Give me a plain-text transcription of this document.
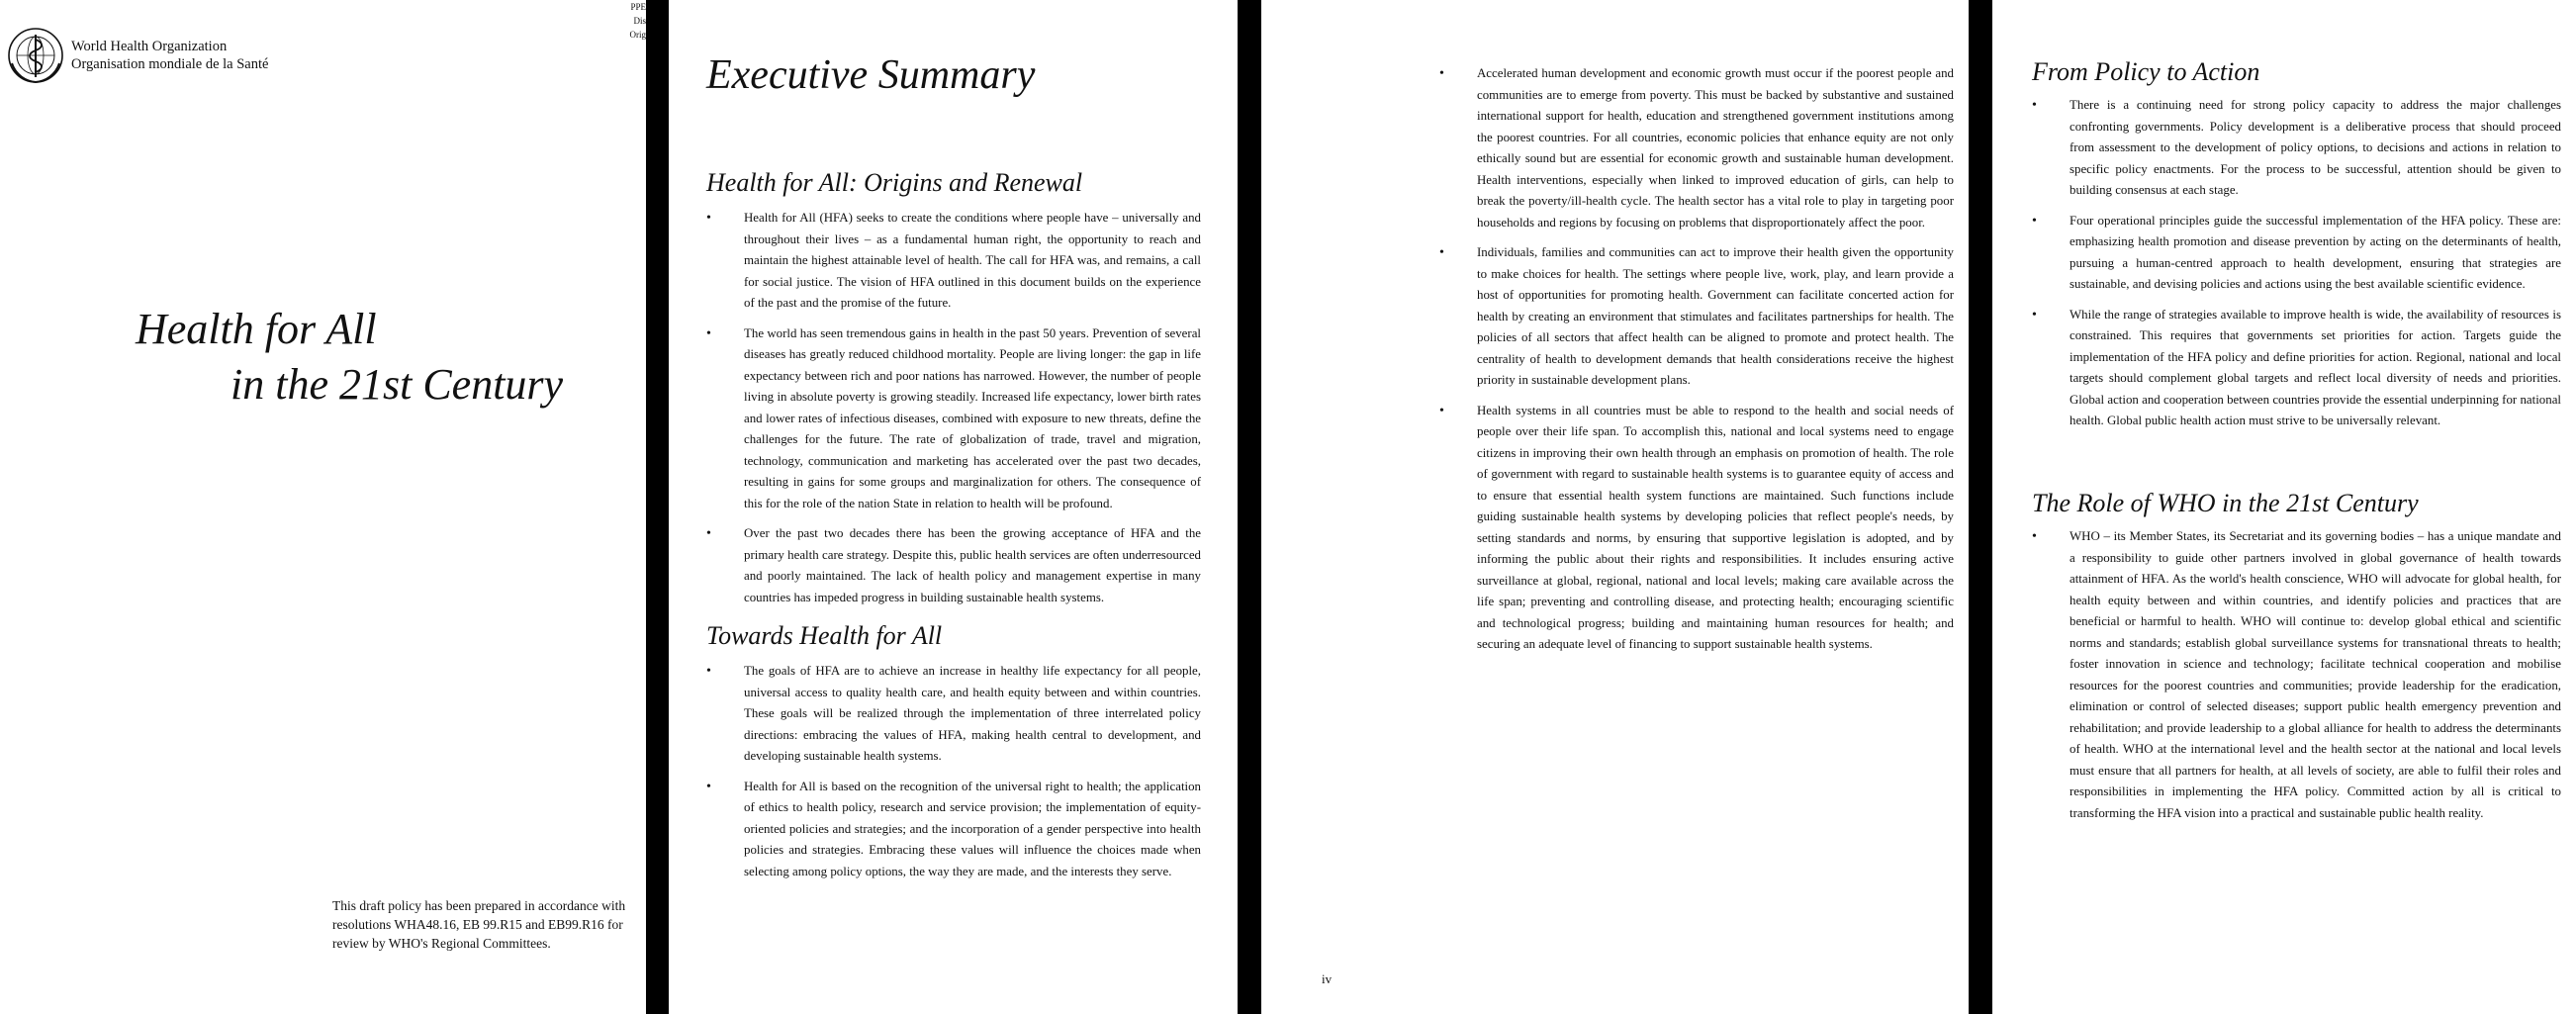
World Health Organization
Organisation mondiale de la Santé
PPE
Dis
Orig
Health for All
in the 21st Century
This draft policy has been prepared in accordance with resolutions WHA48.16, EB 99.R15 and EB99.R16 for review by WHO's Regional Committees.
Executive Summary
Health for All: Origins and Renewal
• Health for All (HFA) seeks to create the conditions where people have – universally and throughout their lives – as a fundamental human right, the opportunity to reach and maintain the highest attainable level of health. The call for HFA was, and remains, a call for social justice. The vision of HFA outlined in this document builds on the experience of the past and the promise of the future.
• The world has seen tremendous gains in health in the past 50 years. Prevention of several diseases has greatly reduced childhood mortality. People are living longer: the gap in life expectancy between rich and poor nations has narrowed. However, the number of people living in absolute poverty is growing steadily. Increased life expectancy, lower birth rates and lower rates of infectious diseases, combined with exposure to new threats, define the challenges for the future. The rate of globalization of trade, travel and migration, technology, communication and marketing has accelerated over the past two decades, resulting in gains for some groups and marginalization for others. The consequence of this for the role of the nation State in relation to health will be profound.
• Over the past two decades there has been the growing acceptance of HFA and the primary health care strategy. Despite this, public health services are often underresourced and poorly maintained. The lack of health policy and management expertise in many countries has impeded progress in building sustainable health systems.
Towards Health for All
• The goals of HFA are to achieve an increase in healthy life expectancy for all people, universal access to quality health care, and health equity between and within countries. These goals will be realized through the implementation of three interrelated policy directions: embracing the values of HFA, making health central to development, and developing sustainable health systems.
• Health for All is based on the recognition of the universal right to health; the application of ethics to health policy, research and service provision; the implementation of equity-oriented policies and strategies; and the incorporation of a gender perspective into health policies and strategies. Embracing these values will influence the choices made when selecting among policy options, the way they are made, and the interests they serve.
• Accelerated human development and economic growth must occur if the poorest people and communities are to emerge from poverty. This must be backed by substantive and sustained international support for health, education and strengthened government institutions among the poorest countries. For all countries, economic policies that enhance equity are not only ethically sound but are essential for economic growth and sustainable human development. Health interventions, especially when linked to improved education of girls, can help to break the poverty/ill-health cycle. The health sector has a vital role to play in targeting poor households and regions by focusing on problems that disproportionately affect the poor.
• Individuals, families and communities can act to improve their health given the opportunity to make choices for health. The settings where people live, work, play, and learn provide a host of opportunities for promoting health. Government can facilitate concerted action for health by creating an environment that stimulates and facilitates partnerships for health. The policies of all sectors that affect health can be aligned to promote and protect health. The centrality of health to development demands that health considerations receive the highest priority in sustainable development plans.
• Health systems in all countries must be able to respond to the health and social needs of people over their life span. To accomplish this, national and local systems need to engage citizens in improving their own health through an emphasis on promotion of health. The role of government with regard to sustainable health systems is to guarantee equity of access and to ensure that essential health system functions are maintained. Such functions include guiding sustainable health systems by developing policies that reflect people's needs, by setting standards and norms, by ensuring that supportive legislation is adopted, and by informing the public about their rights and responsibilities. It includes ensuring active surveillance at global, regional, national and local levels; making care available across the life span; preventing and controlling disease, and protecting health; encouraging scientific and technological progress; building and maintaining human resources for health; and securing an adequate level of financing to support sustainable health systems.
iv
From Policy to Action
• There is a continuing need for strong policy capacity to address the major challenges confronting governments. Policy development is a deliberative process that should proceed from assessment to the development of policy options, to decisions and actions in relation to specific policy enactments. For the process to be successful, attention should be given to building consensus at each stage.
• Four operational principles guide the successful implementation of the HFA policy. These are: emphasizing health promotion and disease prevention by acting on the determinants of health, pursuing a human-centred approach to health development, ensuring that strategies are sustainable, and devising policies and actions using the best available scientific evidence.
• While the range of strategies available to improve health is wide, the availability of resources is constrained. This requires that governments set priorities for action. Targets guide the implementation of the HFA policy and define priorities for action. Regional, national and local targets should complement global targets and reflect local diversity of needs and priorities. Global action and cooperation between countries provide the essential underpinning for national health. Global public health action must strive to be universally relevant.
The Role of WHO in the 21st Century
• WHO – its Member States, its Secretariat and its governing bodies – has a unique mandate and a responsibility to guide other partners involved in global governance of health towards attainment of HFA. As the world's health conscience, WHO will advocate for global health, for health equity between and within countries, and identify policies and practices that are beneficial or harmful to health. WHO will continue to: develop global ethical and scientific norms and standards; establish global surveillance systems for transnational threats to health; foster innovation in science and technology; facilitate technical cooperation and mobilise resources for the poorest countries and communities; provide leadership for the eradication, elimination or control of selected diseases; support public health emergency prevention and rehabilitation; and provide leadership to a global alliance for health to address the determinants of health. WHO at the international level and the health sector at the national and local levels must ensure that all partners for health, at all levels of society, are able to fulfil their roles and responsibilities in implementing the HFA policy. Committed action by all is critical to transforming the HFA vision into a practical and sustainable public health reality.
